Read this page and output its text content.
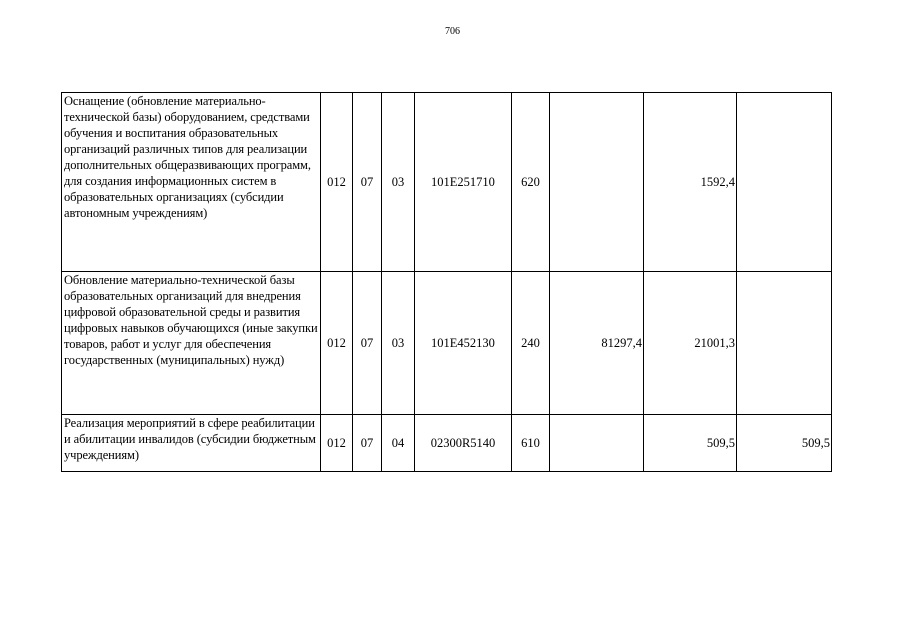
706
Оснащение (обновление материально-технической базы) оборудованием, средствами обучения и воспитания образовательных организаций различных типов для реализации дополнительных общеразвивающих программ, для создания информационных систем в образовательных организациях (субсидии автономным учреждениям)	012	07	03	101E251710	620		1592,4	
Обновление материально-технической базы образовательных организаций для внедрения цифровой образовательной среды и развития цифровых навыков обучающихся (иные закупки товаров, работ и услуг для обеспечения государственных (муниципальных) нужд)	012	07	03	101E452130	240	81297,4	21001,3	
Реализация мероприятий в сфере реабилитации и абилитации инвалидов (субсидии бюджетным учреждениям)	012	07	04	02300R5140	610		509,5	509,5
